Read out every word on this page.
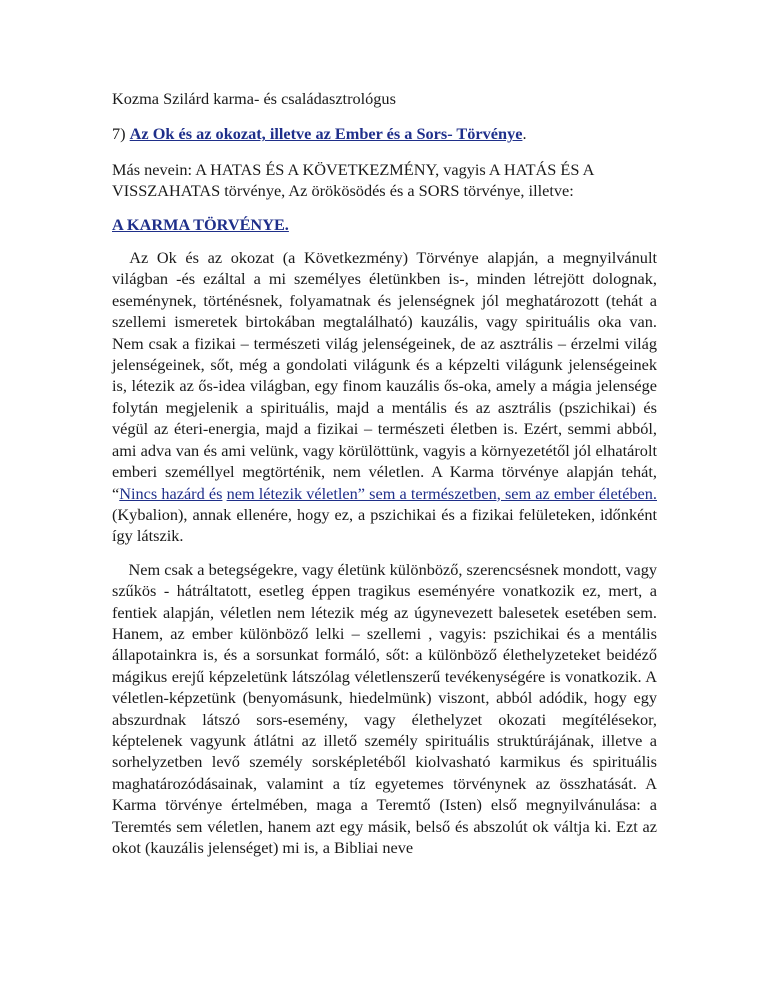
Kozma Szilárd karma- és családasztrológus

7) Az Ok és az okozat, illetve az Ember és a Sors- Törvénye.

Más nevein: A HATAS ÉS A KÖVETKEZMÉNY, vagyis A HATÁS ÉS A VISSZAHATAS törvénye, Az örökösödés és a SORS törvénye, illetve:

A KARMA TÖRVÉNYE.

Az Ok és az okozat (a Következmény) Törvénye alapján, a megnyilvánult világban -és ezáltal a mi személyes életünkben is-, minden létrejött dolognak, eseménynek, történésnek, folyamatnak és jelenségnek jól meghatározott (tehát a szellemi ismeretek birtokában megtalálható) kauzális, vagy spirituális oka van. Nem csak a fizikai – természeti világ jelenségeinek, de az asztrális – érzelmi világ jelenségeinek, sőt, még a gondolati világunk és a képzelti világunk jelenségeinek is, létezik az ős-idea világban, egy finom kauzális ős-oka, amely a mágia jelensége folytán megjelenik a spirituális, majd a mentális és az asztrális (pszichikai) és végül az éteri-energia, majd a fizikai – természeti életben is. Ezért, semmi abból, ami adva van és ami velünk, vagy körülöttünk, vagyis a környezetétől jól elhatárolt emberi személlyel megtörténik, nem véletlen. A Karma törvénye alapján tehát, “Nincs hazárd és nem létezik véletlen” sem a természetben, sem az ember életében. (Kybalion), annak ellenére, hogy ez, a pszichikai és a fizikai felületeken, időnként így látszik.

Nem csak a betegségekre, vagy életünk különböző, szerencsésnek mondott, vagy szűkös - hátráltatott, esetleg éppen tragikus eseményére vonatkozik ez, mert, a fentiek alapján, véletlen nem létezik még az úgynevezett balesetek esetében sem. Hanem, az ember különböző lelki – szellemi , vagyis: pszichikai és a mentális állapotainkra is, és a sorsunkat formáló, sőt: a különböző élethelyzeteket beidéző mágikus erejű képzeletünk látszólag véletlenszerű tevékenységére is vonatkozik. A véletlen-képzetünk (benyomásunk, hiedelmünk) viszont, abból adódik, hogy egy abszurdnak látszó sors-esemény, vagy élethelyzet okozati megítélésekor, képtelenek vagyunk átlátni az illető személy spirituális struktúrájának, illetve a sorhelyzetben levő személy sorsképletéből kiolvasható karmikus és spirituális maghatározódásainak, valamint a tíz egyetemes törvénynek az összhatását. A Karma törvénye értelmében, maga a Teremtő (Isten) első megnyilvánulása: a Teremtés sem véletlen, hanem azt egy másik, belső és abszolút ok váltja ki. Ezt az okot (kauzális jelenséget) mi is, a Bibliai neve
